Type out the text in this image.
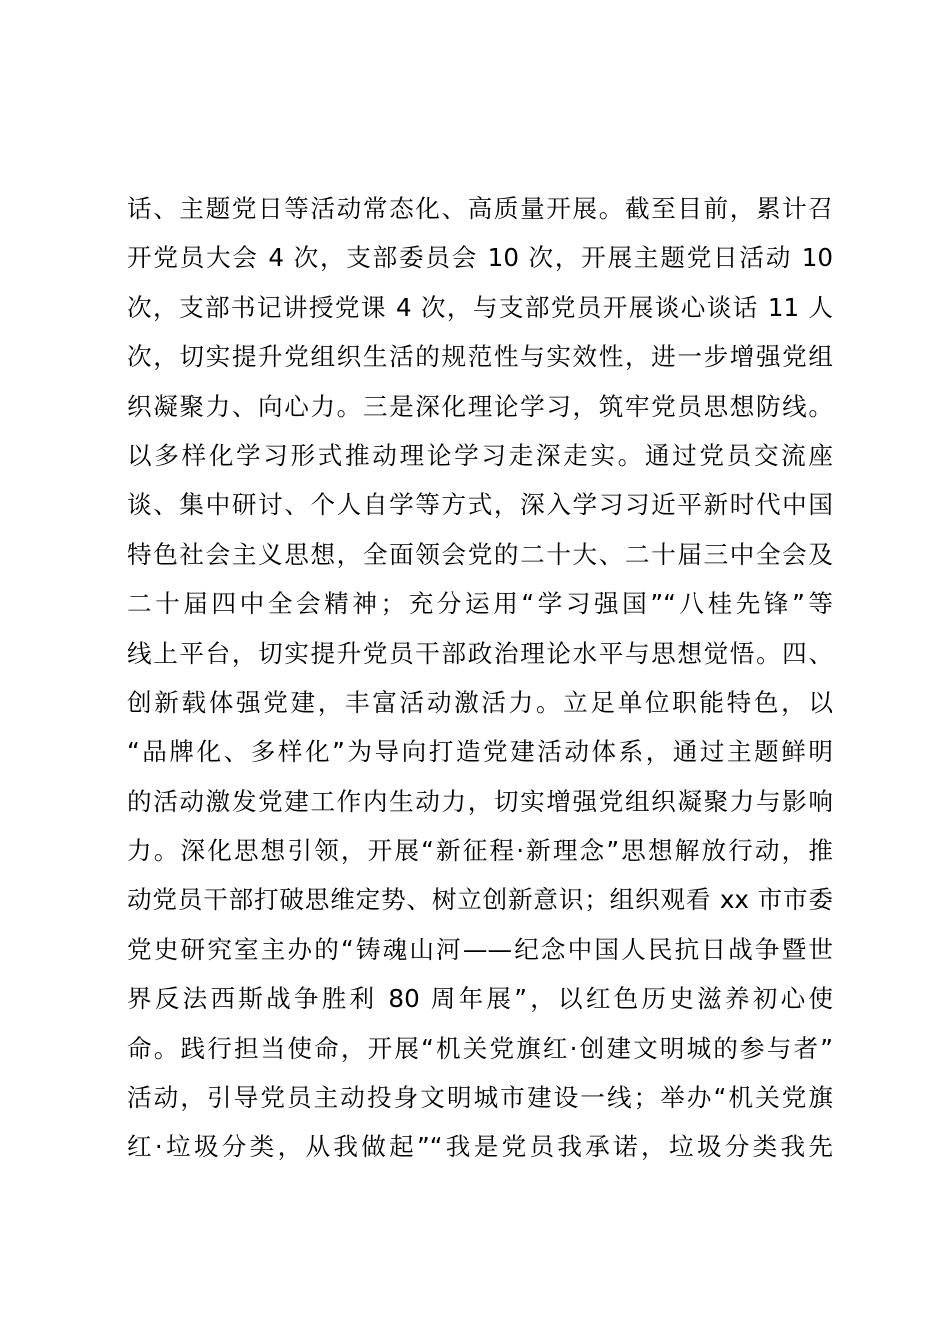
话、主题党日等活动常态化、高质量开展。截至目前，累计召
开党员大会 4 次，支部委员会 10 次，开展主题党日活动 10
次，支部书记讲授党课 4 次，与支部党员开展谈心谈话 11 人
次，切实提升党组织生活的规范性与实效性，进一步增强党组
织凝聚力、向心力。三是深化理论学习，筑牢党员思想防线。
以多样化学习形式推动理论学习走深走实。通过党员交流座
谈、集中研讨、个人自学等方式，深入学习习近平新时代中国
特色社会主义思想，全面领会党的二十大、二十届三中全会及
二十届四中全会精神；充分运用“学习强国”“八桂先锋”等
线上平台，切实提升党员干部政治理论水平与思想觉悟。四、
创新载体强党建，丰富活动激活力。立足单位职能特色，以
“品牌化、多样化”为导向打造党建活动体系，通过主题鲜明
的活动激发党建工作内生动力，切实增强党组织凝聚力与影响
力。深化思想引领，开展“新征程·新理念”思想解放行动，推
动党员干部打破思维定势、树立创新意识；组织观看 xx 市市委
党史研究室主办的“铸魂山河——纪念中国人民抗日战争暨世
界反法西斯战争胜利 80 周年展”，以红色历史滋养初心使
命。践行担当使命，开展“机关党旗红·创建文明城的参与者”
活动，引导党员主动投身文明城市建设一线；举办“机关党旗
红·垃圾分类，从我做起”“我是党员我承诺，垃圾分类我先
